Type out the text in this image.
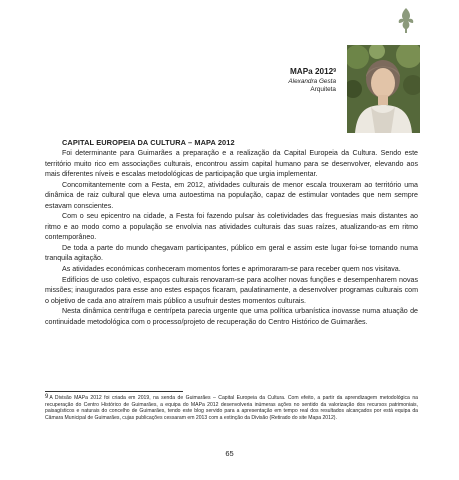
MAPa 2012$^9$
Alexandra Gesta
Arquiteta
CAPITAL EUROPEIA DA CULTURA – MAPA 2012

Foi determinante para Guimarães a preparação e a realização da Capital Europeia da Cultura. Sendo este território muito rico em associações culturais, encontrou assim capital humano para se desenvolver, elevando aos mais diferentes níveis e escalas metodológicas de participação que urgia implementar.

Concomitantemente com a Festa, em 2012, atividades culturais de menor escala trouxeram ao território uma dinâmica de raiz cultural que eleva uma autoestima na população, capaz de estimular vontades que nem sempre estavam conscientes.

Com o seu epicentro na cidade, a Festa foi fazendo pulsar às coletividades das freguesias mais distantes ao ritmo e ao modo como a população se envolvia nas atividades culturais das suas raízes, atualizando-as em ritmo contemporâneo.

De toda a parte do mundo chegavam participantes, público em geral e assim este lugar foi-se tornando numa tranquila agitação.

As atividades económicas conheceram momentos fortes e aprimoraram-se para receber quem nos visitava.

Edifícios de uso coletivo, espaços culturais renovaram-se para acolher novas funções e desempenharem novas missões; inaugurados para esse ano estes espaços ficaram, paulatinamente, a desenvolver programas culturais com o objetivo de cada ano atraírem mais público a usufruir destes momentos culturais.

Nesta dinâmica centrífuga e centrípeta parecia urgente que uma política urbanística inovasse numa atuação de continuidade metodológica com o processo/projeto de recuperação do Centro Histórico de Guimarães.

$^9$A Divisão MAPa 2012 foi criada em 2019, na senda de Guimarães – Capital Europeia da Cultura. Com efeito, a partir da aprendizagem metodológica na recuperação do Centro Histórico de Guimarães, a equipa do MAPa 2012 desenvolveria inúmeras ações no sentido da valorização dos recursos patrimoniais, paisagísticos e naturais do concelho de Guimarães, tendo este blog servido para a apresentação em tempo real dos resultados alcançados por está equipa da Câmara Municipal de Guimarães, cujas publicações cessaram em 2013 com a extinção da Divisão (Retirado do site Mapa 2012).
65
